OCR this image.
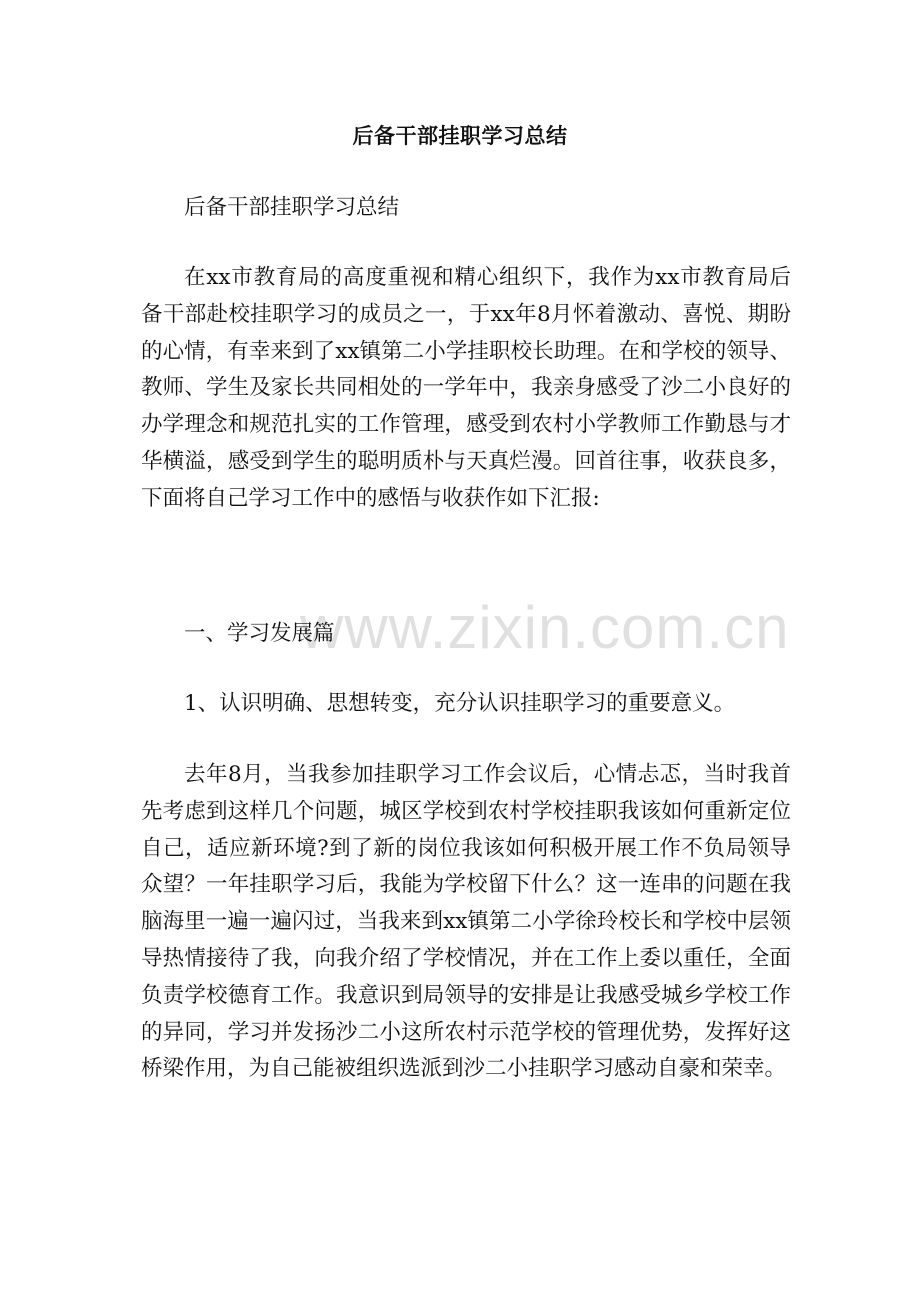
后备干部挂职学习总结

后备干部挂职学习总结

在xx市教育局的高度重视和精心组织下，我作为xx市教育局后备干部赴校挂职学习的成员之一，于xx年8月怀着激动、喜悦、期盼的心情，有幸来到了xx镇第二小学挂职校长助理。在和学校的领导、教师、学生及家长共同相处的一学年中，我亲身感受了沙二小良好的办学理念和规范扎实的工作管理，感受到农村小学教师工作勤恳与才华横溢，感受到学生的聪明质朴与天真烂漫。回首往事，收获良多，下面将自己学习工作中的感悟与收获作如下汇报:

一、学习发展篇

1、认识明确、思想转变，充分认识挂职学习的重要意义。

去年8月，当我参加挂职学习工作会议后，心情忐忑，当时我首先考虑到这样几个问题，城区学校到农村学校挂职我该如何重新定位自己，适应新环境?到了新的岗位我该如何积极开展工作不负局领导众望？一年挂职学习后，我能为学校留下什么？这一连串的问题在我脑海里一遍一遍闪过，当我来到xx镇第二小学徐玲校长和学校中层领导热情接待了我，向我介绍了学校情况，并在工作上委以重任，全面负责学校德育工作。我意识到局领导的安排是让我感受城乡学校工作的异同，学习并发扬沙二小这所农村示范学校的管理优势，发挥好这桥梁作用，为自己能被组织选派到沙二小挂职学习感动自豪和荣幸。

www.zixin.com.cn
